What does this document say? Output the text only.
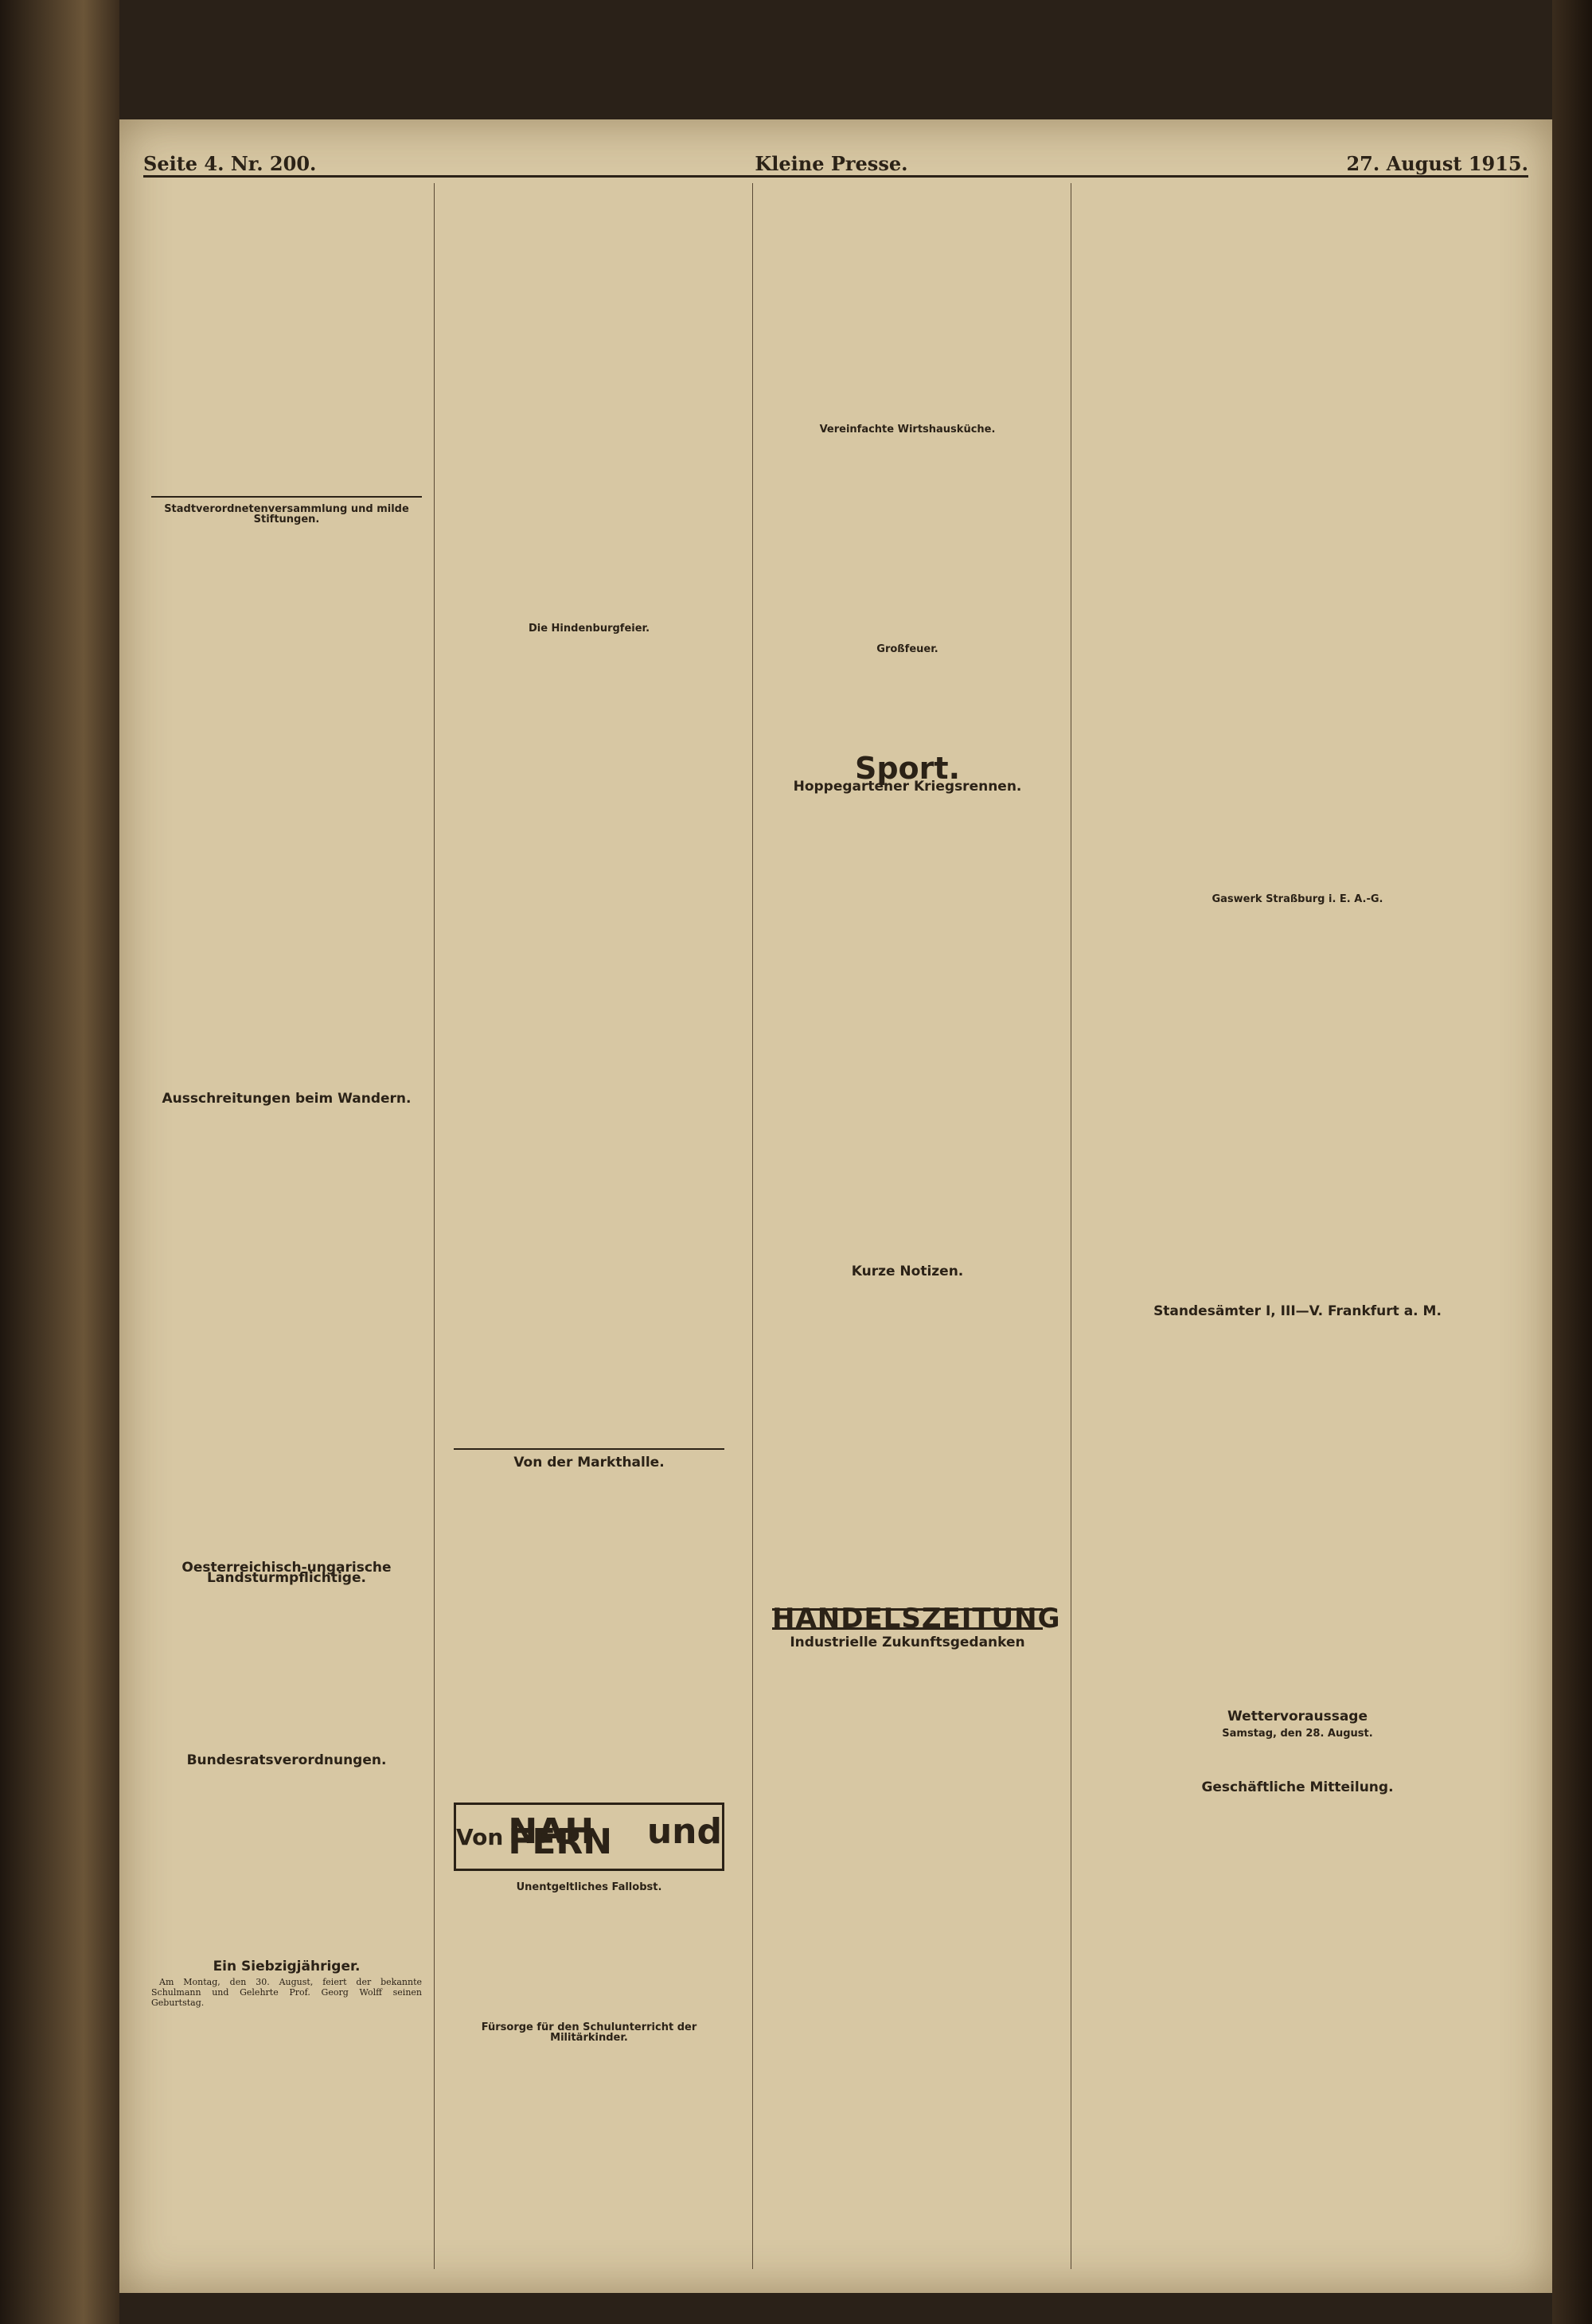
Seite 4. Nr. 200.	Kleine Presse.	27. August 1915.
Stadtverordnetenversammlung und milde Stiftungen.
Ausschreitungen beim Wandern.
Oesterreichisch-ungarische Landsturmpflichtige.
Bundesratsverordnungen.
Ein Siebzigjähriger.

Am Montag, den 30. August, feiert der bekannte Schulmann und Gelehrte Prof. Georg Wolff seinen Geburtstag.

Die Hindenburgfeier.
Von der Markthalle.
Von NAH und FERN
Unentgeltliches Fallobst.
Fürsorge für den Schulunterricht der Militärkinder.
Vereinfachte Wirtshausküche.
Großfeuer.
Sport.
Hoppegartener Kriegsrennen.
Kurze Notizen.
HANDELSZEITUNG
Industrielle Zukunftsgedanken
Gaswerk Straßburg i. E. A.-G.
Standesämter I, III—V. Frankfurt a. M.
Wettervoraussage
Samstag, den 28. August.
Geschäftliche Mitteilung.
